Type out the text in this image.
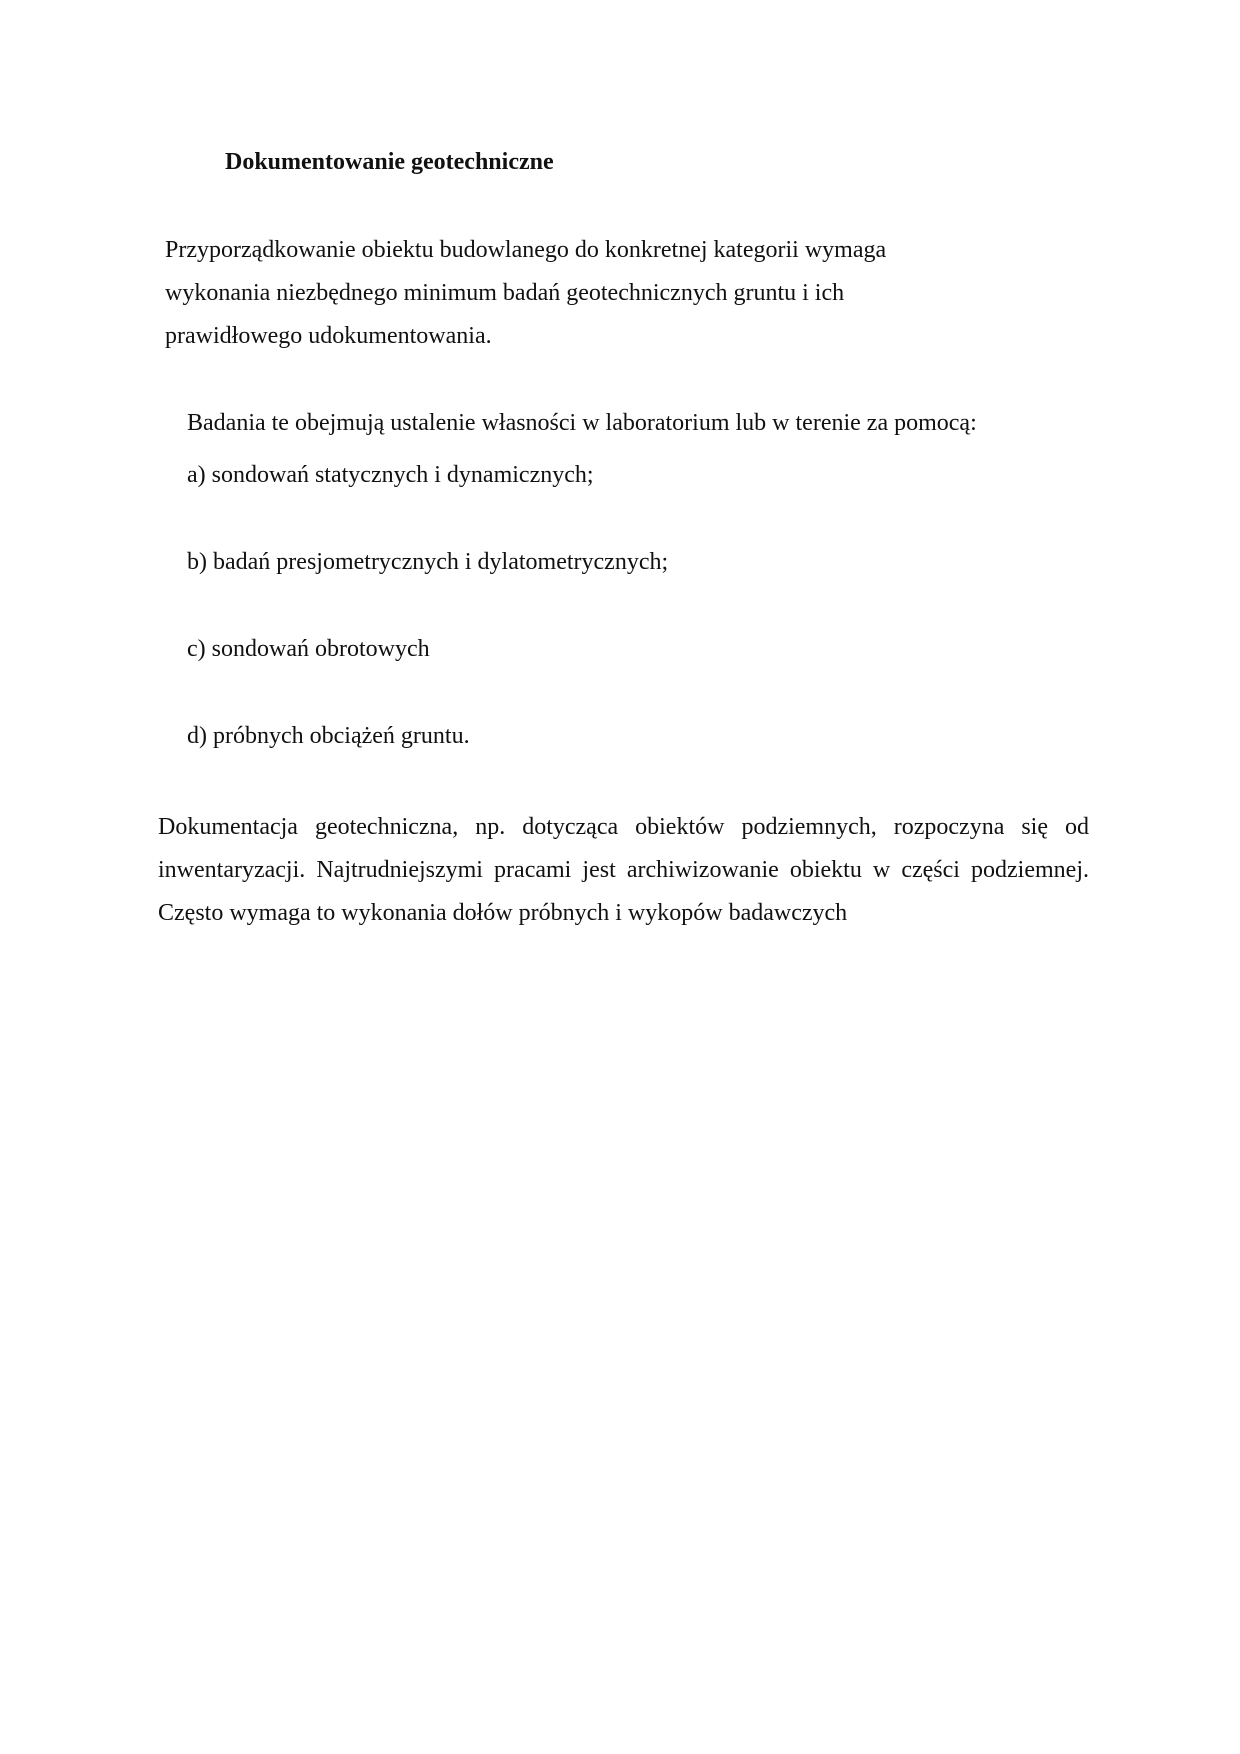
Dokumentowanie geotechniczne

Przyporządkowanie obiektu budowlanego do konkretnej kategorii wymaga

wykonania niezbędnego minimum badań geotechnicznych gruntu i ich

prawidłowego udokumentowania.

Badania te obejmują ustalenie własności w laboratorium lub w terenie za pomocą:

a) sondowań statycznych i dynamicznych;

b) badań presjometrycznych i dylatometrycznych;

c) sondowań obrotowych

d) próbnych obciążeń gruntu.

Dokumentacja geotechniczna, np. dotycząca obiektów podziemnych, rozpoczyna się od

inwentaryzacji. Najtrudniejszymi pracami jest archiwizowanie obiektu w części podziemnej.

Często wymaga to wykonania dołów próbnych i wykopów badawczych
